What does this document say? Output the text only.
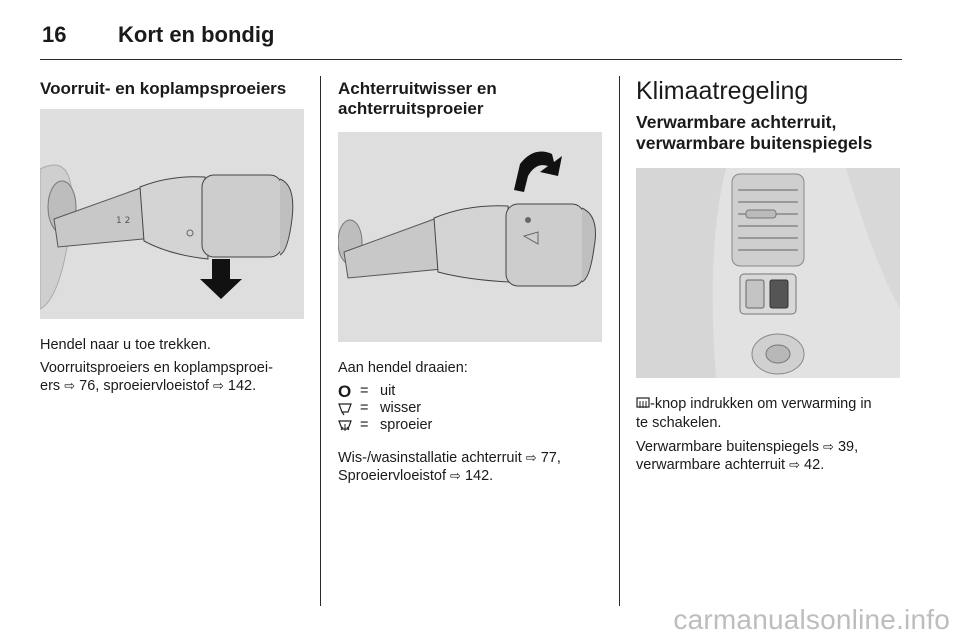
16 Kort en bondig
Voorruit- en koplampsproeiers
1 2

Hendel naar u toe trekken.

Voorruitsproeiers en koplampsproei-
ers ⇨ 76, sproeiervloeistof ⇨ 142.

Achterruitwisser en
achterruitsproeier

Aan hendel draaien:

O = uit
= wisser
= sproeier

Wis-/wasinstallatie achterruit ⇨ 77,
Sproeiervloeistof ⇨ 142.

Klimaatregeling
Verwarmbare achterruit,
verwarmbare buitenspiegels

-knop indrukken om verwarming in
te schakelen.

Verwarmbare buitenspiegels ⇨ 39,
verwarmbare achterruit ⇨ 42.

carmanualsonline.info
